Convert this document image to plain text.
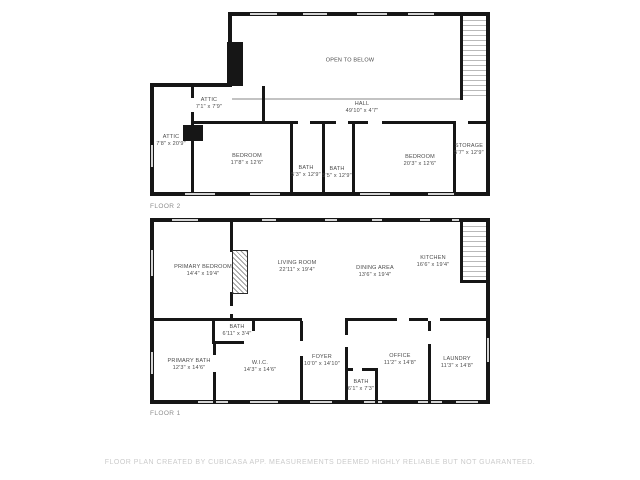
OPEN TO BELOW
ATTIC
7'1" x 7'9"
ATTIC
7'8" x 20'9"
HALL
49'10" x 4'7"
BEDROOM
17'8" x 12'6"
BATH
5'3" x 12'9"
BATH
5'5" x 12'9"
BEDROOM
20'3" x 12'6"
STORAGE
5'7" x 12'9"
FLOOR 2
PRIMARY BEDROOM
14'4" x 19'4"
LIVING ROOM
22'11" x 19'4"	DINING AREA
13'6" x 19'4"
KITCHEN
16'6" x 19'4"
BATH
6'11" x 3'4"
PRIMARY BATH
12'3" x 14'6"
W.I.C.
14'3" x 14'6"
FOYER
10'0" x 14'10"
BATH
6'1" x 7'3"
OFFICE
11'2" x 14'8"
LAUNDRY
11'3" x 14'8"
FLOOR 1
FLOOR PLAN CREATED BY CUBICASA APP. MEASUREMENTS DEEMED HIGHLY RELIABLE BUT NOT GUARANTEED.
